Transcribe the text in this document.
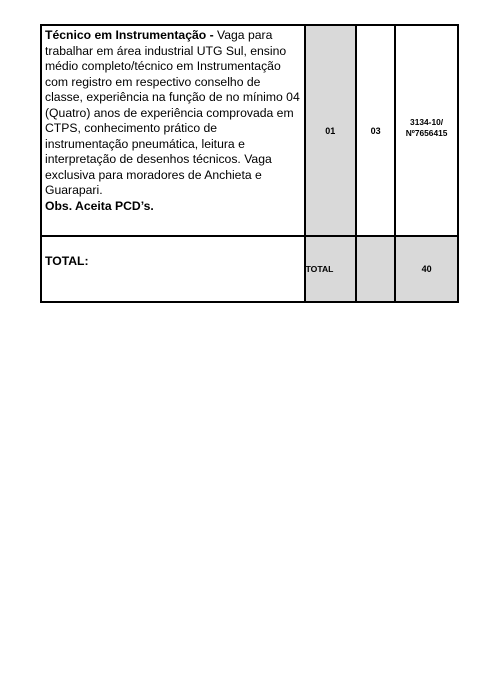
Técnico em Instrumentação - Vaga para trabalhar em área industrial UTG Sul, ensino médio completo/técnico em Instrumentação com registro em respectivo conselho de classe, experiência na função de no mínimo 04 (Quatro) anos de experiência comprovada em CTPS, conhecimento prático de instrumentação pneumática, leitura e interpretação de desenhos técnicos. Vaga exclusiva para moradores de Anchieta e Guarapari.
Obs. Aceita PCD’s.	01	03	3134-10/
Nº7656415

TOTAL:	TOTAL		40
